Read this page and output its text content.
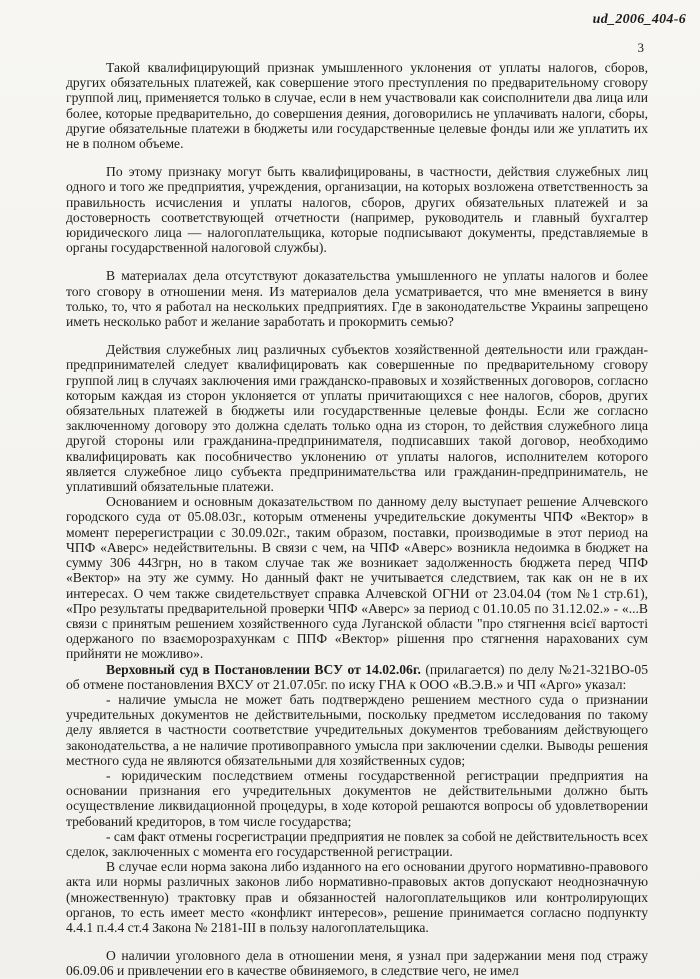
ud_2006_404-6
3

Такой квалифицирующий признак умышленного уклонения от уплаты налогов, сборов, других обязательных платежей, как совершение этого преступления по предварительному сговору группой лиц, применяется только в случае, если в нем участвовали как соисполнители два лица или более, которые предварительно, до совершения деяния, договорились не уплачивать налоги, сборы, другие обязательные платежи в бюджеты или государственные целевые фонды или же уплатить их не в полном объеме.

По этому признаку могут быть квалифицированы, в частности, действия служебных лиц одного и того же предприятия, учреждения, организации, на которых возложена ответственность за правильность исчисления и уплаты налогов, сборов, других обязательных платежей и за достоверность соответствующей отчетности (например, руководитель и главный бухгалтер юридического лица — налогоплательщика, которые подписывают документы, представляемые в органы государственной налоговой службы).

В материалах дела отсутствуют доказательства умышленного не уплаты налогов и более того сговору в отношении меня. Из материалов дела усматривается, что мне вменяется в вину только, то, что я работал на нескольких предприятиях. Где в законодательстве Украины запрещено иметь несколько работ и желание заработать и прокормить семью?

Действия служебных лиц различных субъектов хозяйственной деятельности или граждан-предпринимателей следует квалифицировать как совершенные по предварительному сговору группой лиц в случаях заключения ими гражданско-правовых и хозяйственных договоров, согласно которым каждая из сторон уклоняется от уплаты причитающихся с нее налогов, сборов, других обязательных платежей в бюджеты или государственные целевые фонды. Если же согласно заключенному договору это должна сделать только одна из сторон, то действия служебного лица другой стороны или гражданина-предпринимателя, подписавших такой договор, необходимо квалифицировать как пособничество уклонению от уплаты налогов, исполнителем которого является служебное лицо субъекта предпринимательства или гражданин-предприниматель, не уплативший обязательные платежи.

Основанием и основным доказательством по данному делу выступает решение Алчевского городского суда от 05.08.03г., которым отменены учредительские документы ЧПФ «Вектор» в момент перерегистрации с 30.09.02г., таким образом, поставки, производимые в этот период на ЧПФ «Аверс» недействительны. В связи с чем, на ЧПФ «Аверс» возникла недоимка в бюджет на сумму 306 443грн, но в таком случае так же возникает задолженность бюджета перед ЧПФ «Вектор» на эту же сумму. Но данный факт не учитывается следствием, так как он не в их интересах. О чем также свидетельствует справка Алчевской ОГНИ от 23.04.04 (том №1 стр.61), «Про результаты предварительной проверки ЧПФ «Аверс» за период с 01.10.05 по 31.12.02.» - «...В связи с принятым решением хозяйственного суда Луганской области "про стягнення всієї вартості одержаного по взаєморозрахункам с ППФ «Вектор» рішення про стягнення нарахованих сум прийняти не можливо».

Верховный суд в Постановлении ВСУ от 14.02.06г. (прилагается) по делу №21-321ВО-05 об отмене постановления ВХСУ от 21.07.05г. по иску ГНА к ООО «В.Э.В.» и ЧП «Арго» указал:

- наличие умысла не может бать подтверждено решением местного суда о признании учредительных документов не действительными, поскольку предметом исследования по такому делу является в частности соответствие учредительных документов требованиям действующего законодательства, а не наличие противоправного умысла при заключении сделки. Выводы решения местного суда не являются обязательными для хозяйственных судов;

- юридическим последствием отмены государственной регистрации предприятия на основании признания его учредительных документов не действительными должно быть осуществление ликвидационной процедуры, в ходе которой решаются вопросы об удовлетворении требований кредиторов, в том числе государства;

- сам факт отмены госрегистрации предприятия не повлек за собой не действительность всех сделок, заключенных с момента его государственной регистрации.

В случае если норма закона либо изданного на его основании другого нормативно-правового акта или нормы различных законов либо нормативно-правовых актов допускают неоднозначную (множественную) трактовку прав и обязанностей налогоплательщиков или контролирующих органов, то есть имеет место «конфликт интересов», решение принимается согласно подпункту 4.4.1 п.4.4 ст.4 Закона № 2181-III в пользу налогоплательщика.

О наличии уголовного дела в отношении меня, я узнал при задержании меня под стражу 06.09.06 и привлечении его в качестве обвиняемого, в следствие чего, не имел
